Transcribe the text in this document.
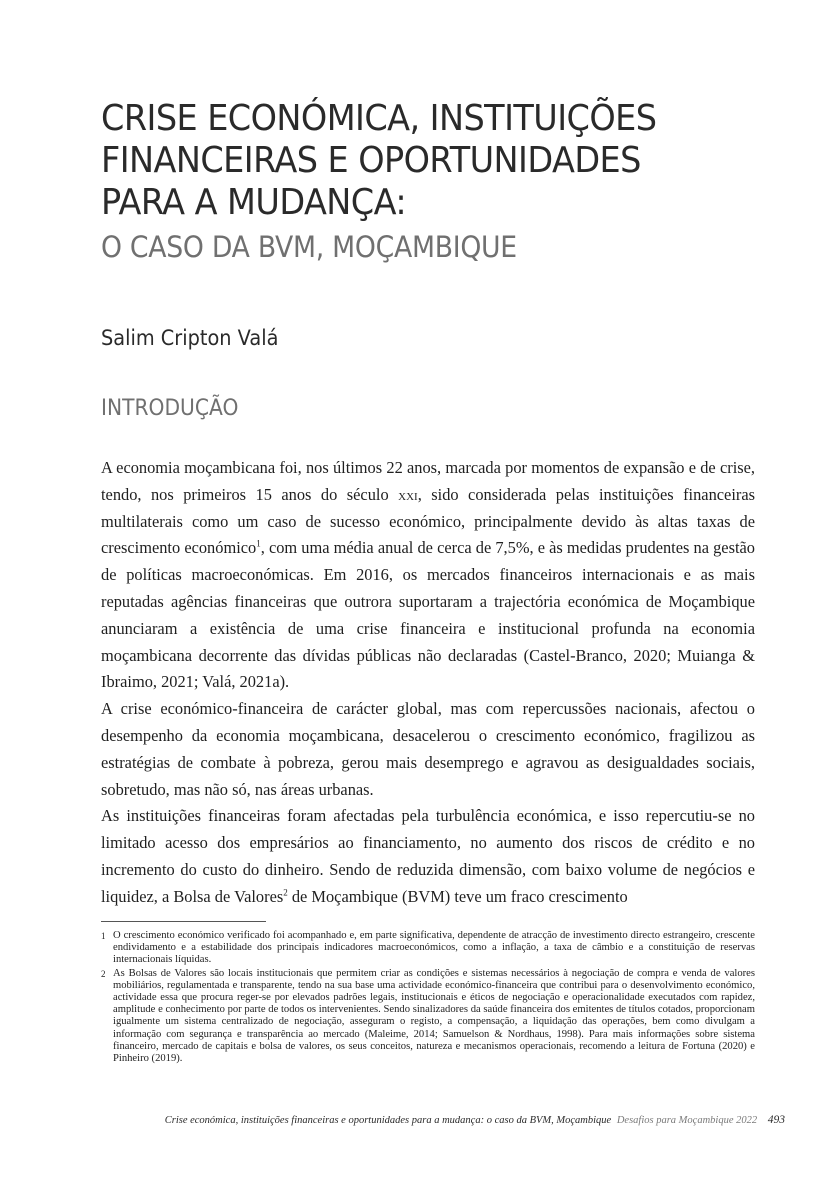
CRISE ECONÓMICA, INSTITUIÇÕES
FINANCEIRAS E OPORTUNIDADES
PARA A MUDANÇA:
O CASO DA BVM, MOÇAMBIQUE
Salim Cripton Valá
INTRODUÇÃO

A economia moçambicana foi, nos últimos 22 anos, marcada por momentos de expansão e de crise, tendo, nos primeiros 15 anos do século xxi, sido considerada pelas instituições financeiras multilaterais como um caso de sucesso económico, principalmente devido às altas taxas de crescimento económico$^1$, com uma média anual de cerca de 7,5%, e às medidas prudentes na gestão de políticas macroeconómicas. Em 2016, os mercados financeiros internacionais e as mais reputadas agências financeiras que outrora suportaram a trajectória económica de Moçambique anunciaram a existência de uma crise financeira e institucional profunda na economia moçambicana decorrente das dívidas públicas não declaradas (Castel-Branco, 2020; Muianga & Ibraimo, 2021; Valá, 2021a).

A crise económico-financeira de carácter global, mas com repercussões nacionais, afectou o desempenho da economia moçambicana, desacelerou o crescimento económico, fragilizou as estratégias de combate à pobreza, gerou mais desemprego e agravou as desigualdades sociais, sobretudo, mas não só, nas áreas urbanas.

As instituições financeiras foram afectadas pela turbulência económica, e isso repercutiu-se no limitado acesso dos empresários ao financiamento, no aumento dos riscos de crédito e no incremento do custo do dinheiro. Sendo de reduzida dimensão, com baixo volume de negócios e liquidez, a Bolsa de Valores$^2$ de Moçambique (BVM) teve um fraco crescimento

1 O crescimento económico verificado foi acompanhado e, em parte significativa, dependente de atracção de investimento directo estrangeiro, crescente endividamento e a estabilidade dos principais indicadores macroeconómicos, como a inflação, a taxa de câmbio e a constituição de reservas internacionais líquidas.

2 As Bolsas de Valores são locais institucionais que permitem criar as condições e sistemas necessários à negociação de compra e venda de valores mobiliários, regulamentada e transparente, tendo na sua base uma actividade económico-financeira que contribui para o desenvolvimento económico, actividade essa que procura reger-se por elevados padrões legais, institucionais e éticos de negociação e operacionalidade executados com rapidez, amplitude e conhecimento por parte de todos os intervenientes. Sendo sinalizadores da saúde financeira dos emitentes de títulos cotados, proporcionam igualmente um sistema centralizado de negociação, asseguram o registo, a compensação, a liquidação das operações, bem como divulgam a informação com segurança e transparência ao mercado (Maleime, 2014; Samuelson & Nordhaus, 1998). Para mais informações sobre sistema financeiro, mercado de capitais e bolsa de valores, os seus conceitos, natureza e mecanismos operacionais, recomendo a leitura de Fortuna (2020) e Pinheiro (2019).

Crise económica, instituições financeiras e oportunidades para a mudança: o caso da BVM, Moçambique Desafios para Moçambique 2022 493
